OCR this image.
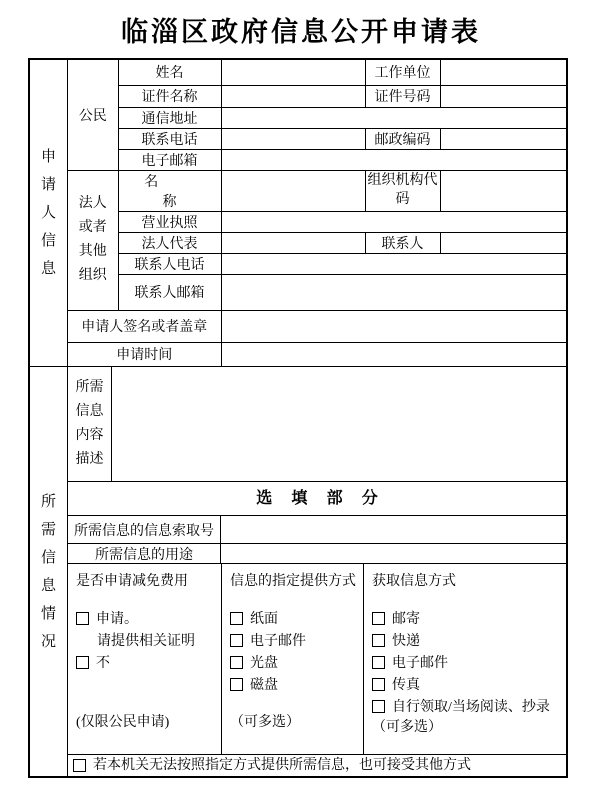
临淄区政府信息公开申请表
申请人信息
公民	姓名		工作单位	
	证件名称		证件号码	
	通信地址			
	联系电话		邮政编码	
	电子邮箱			
法人或者其他组织	名称		组织机构代码	
	营业执照			
	法人代表		联系人	
	联系人电话			
	联系人邮箱			
申请人签名或者盖章				
申请时间				
所需信息情况
所需信息内容描述
选填部分
所需信息的信息索取号
所需信息的用途
是否申请减免费用
申请。
请提供相关证明
不
(仅限公民申请)
信息的指定提供方式
纸面
电子邮件
光盘
磁盘
（可多选）
获取信息方式
邮寄
快递
电子邮件
传真
自行领取/当场阅读、抄录
（可多选）
若本机关无法按照指定方式提供所需信息，也可接受其他方式
